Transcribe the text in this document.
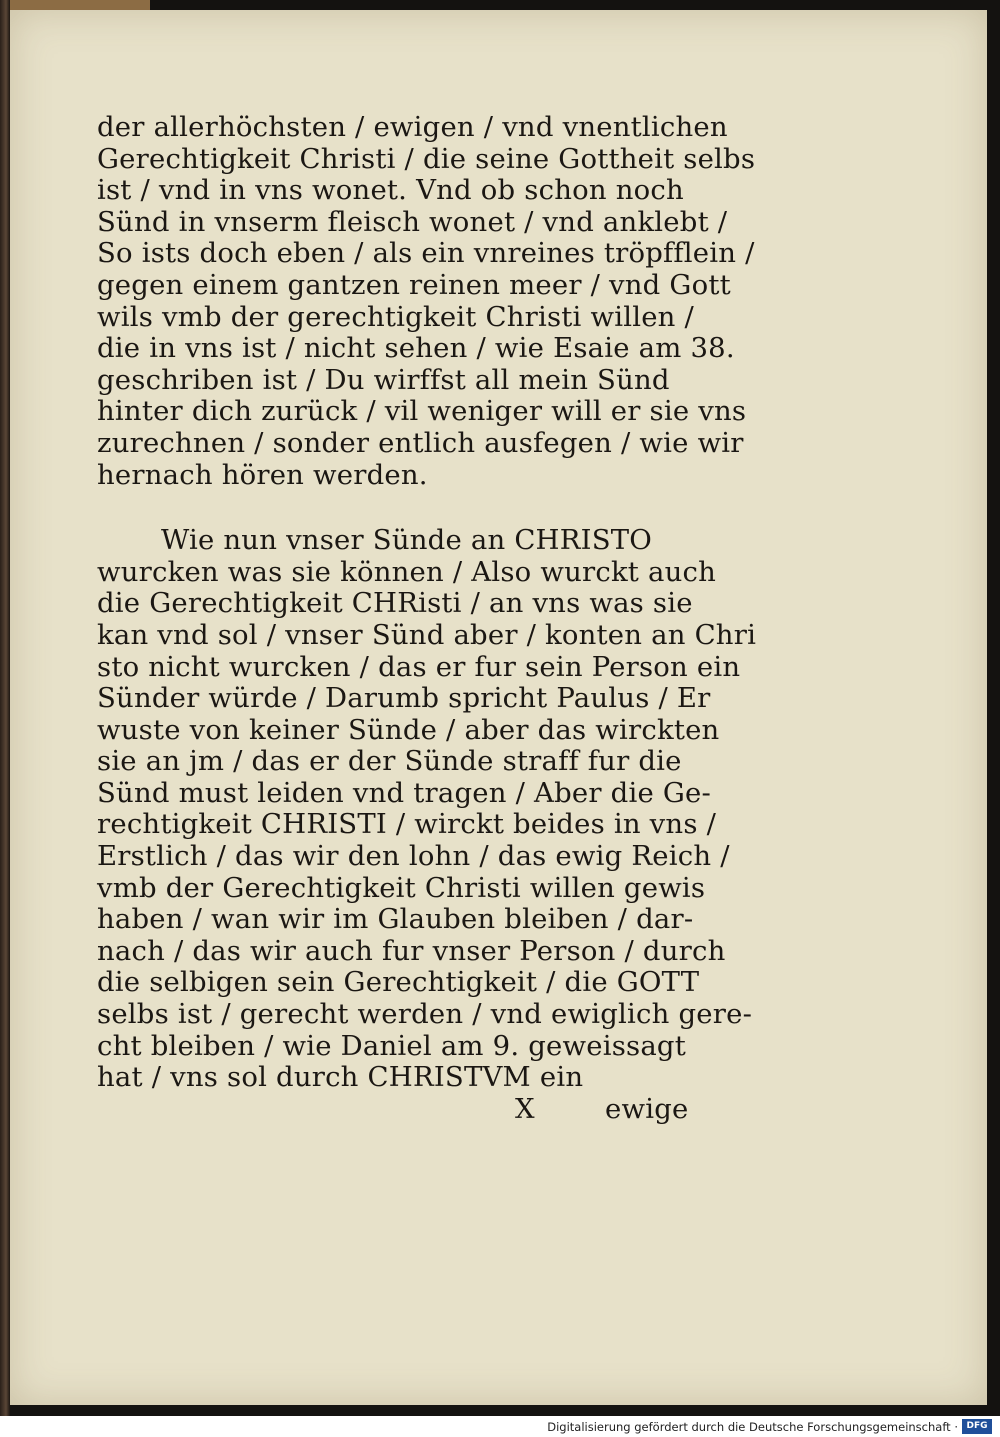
der allerhöchsten / ewigen / vnd vnentlichen
Gerechtigkeit Christi / die seine Gottheit selbs
ist / vnd in vns wonet. Vnd ob schon noch
Sünd in vnserm fleisch wonet / vnd anklebt /
So ists doch eben / als ein vnreines tröpfflein /
gegen einem gantzen reinen meer / vnd Gott
wils vmb der gerechtigkeit Christi willen /
die in vns ist / nicht sehen / wie Esaie am 38.
geschriben ist / Du wirffst all mein Sünd
hinter dich zurück / vil weniger will er sie vns
zurechnen / sonder entlich ausfegen / wie wir
hernach hören werden.
Wie nun vnser Sünde an CHRISTO
wurcken was sie können / Also wurckt auch
die Gerechtigkeit CHRisti / an vns was sie
kan vnd sol / vnser Sünd aber / konten an Chri
sto nicht wurcken / das er fur sein Person ein
Sünder würde / Darumb spricht Paulus / Er
wuste von keiner Sünde / aber das wirckten
sie an jm / das er der Sünde straff fur die
Sünd must leiden vnd tragen / Aber die Ge-
rechtigkeit CHRISTI / wirckt beides in vns /
Erstlich / das wir den lohn / das ewig Reich /
vmb der Gerechtigkeit Christi willen gewis
haben / wan wir im Glauben bleiben / dar-
nach / das wir auch fur vnser Person / durch
die selbigen sein Gerechtigkeit / die GOTT
selbs ist / gerecht werden / vnd ewiglich gere-
cht bleiben / wie Daniel am 9. geweissagt
hat / vns sol durch CHRISTVM ein
X	ewige
Digitalisierung gefördert durch die Deutsche Forschungsgemeinschaft · DFG
